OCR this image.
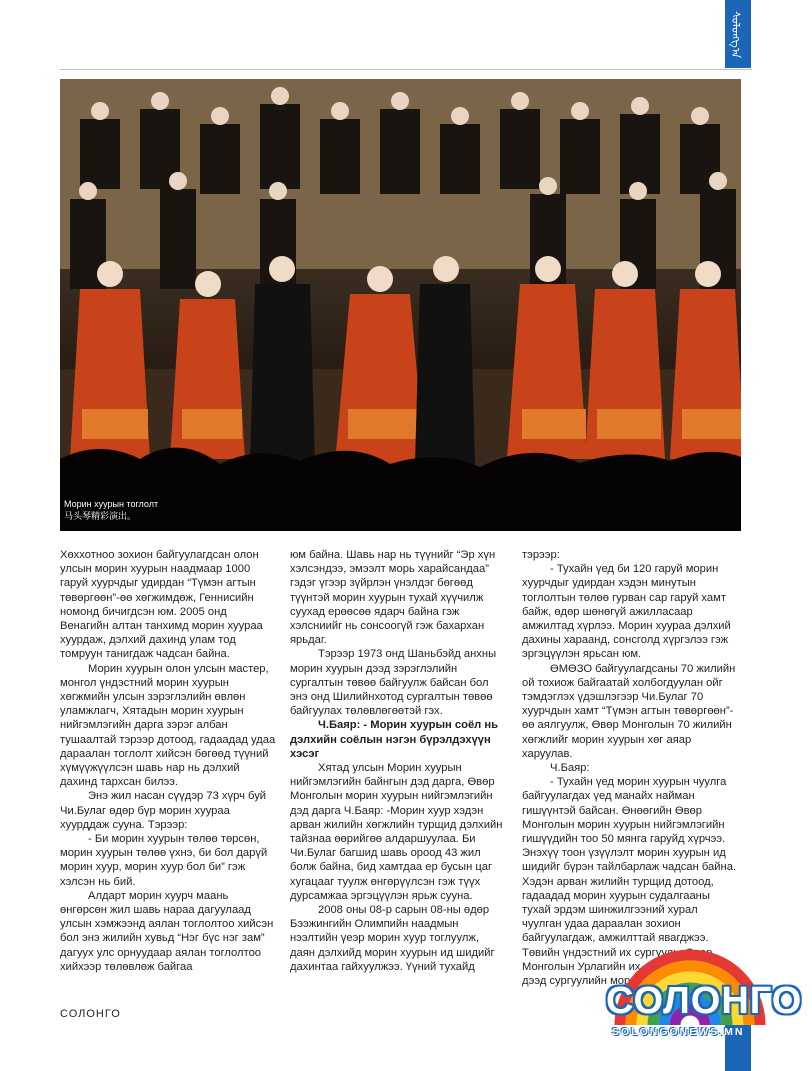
ᠰᠣᠯᠣᠩᠭ᠎ᠠ
Морин хуурын тоглолт
马头琴精彩演出。

Хөххотноо зохион байгуулагдсан олон улсын морин хуурын наадмаар 1000 гаруй хуурчдыг удирдан “Түмэн агтын төвөргөөн”-өө хөгжимдөж, Геннисийн номонд бичигдсэн юм. 2005 онд Венагийн алтан танхимд морин хуураа хуурдаж, дэлхий дахинд улам тод томруун танигдаж чадсан байна.

Морин хуурын олон улсын мастер, монгол үндэстний морин хуурын хөгжмийн улсын зэрэглэлийн өвлөн уламжлагч, Хятадын морин хуурын нийгэмлэгийн дарга зэрэг албан тушаалтай тэрээр дотоод, гадаадад удаа дараалан тоглолт хийсэн бөгөөд түүний хүмүүжүүлсэн шавь нар нь дэлхий дахинд тархсан билээ.

Энэ жил насан сүүдэр 73 хүрч буй Чи.Булаг өдөр бүр морин хуураа хуурддаж суунa. Тэрээр:

- Би морин хуурын төлөө төрсөн, морин хуурын төлөө үхнэ, би бол дарүй морин хуур, морин хуур бол би” гэж хэлсэн нь бий.

Алдарт морин хуурч маань өнгөрсөн жил шавь нараа дагуулаад улсын хэмжээнд аялан тоглолтоо хийсэн бол энэ жилийн хувьд “Нэг бүс нэг зам” дагуух улс орнуудаар аялан тоглолтоо хийхээр төлөвлөж байгаа

юм байна. Шавь нар нь түүнийг “Эр хүн хэлсэндээ, эмээлт морь харайсандаа” гэдэг үгээр зүйрлэн үнэлдэг бөгөөд түүнтэй морин хуурын тухай хүүчилж суухад ерөөсөө ядарч байна гэж хэлсниийг нь сонсоогүй гэж бахархан ярьдаг.

Тэрээр 1973 онд Шаньбэйд анхны морин хуурын дээд зэрэглэлийн сургалтын төвөө байгуулж байсан бол энэ онд Шилийнхотод сургалтын төвөө байгуулах төлөвлөгөөтэй гэх.

Ч.Баяр: - Морин хуурын соёл нь дэлхийн соёлын нэгэн бүрэлдэхүүн хэсэг

Хятад улсын Морин хуурын нийгэмлэгийн байнгын дэд дарга, Өвөр Монголын морин хуурын нийгэмлэгийн дэд дарга Ч.Баяр: -Морин хуур хэдэн арван жилийн хөгжлийн турщид дэлхийн тайзнаа өөрийгөө алдаршуулаа. Би Чи.Булаг багшид шавь ороод 43 жил болж байна, бид хамтдаа ер бусын цаг хугацааг туулж өнгөрүүлсэн гэж түүх дурсамжаа эргэцүүлэн ярьж суунa.

2008 оны 08-р сарын 08-ны өдөр Бээжингийн Олимпийн наадмын нээлтийн үеэр морин хуур тоглуулж, даян дэлхийд морин хуурын ид шидийг дахинтаа гайхуулжээ. Үүний тухайд

тэрээр:

- Тухайн үед би 120 гаруй морин хуурчдыг удирдан хэдэн минутын тоглолтын төлөө гурван сар гаруй хамт байж, өдөр шөнөгүй ажилласаар амжилтад хүрлээ. Морин хуураа дэлхий дахины хараанд, сонсголд хүргэлээ гэж эргэцүүлэн ярьсан юм.

ӨМӨЗО байгуулагдсаны 70 жилийн ой тохиож байгаатай холбогдуулан ойг тэмдэглэх үдэшлэгээр Чи.Булаг 70 хуурчдын хамт “Түмэн агтын төвөргөөн”-өө аялгуулж, Өвөр Монголын 70 жилийн хөгжлийг морин хуурын хөг аяар харуулав.

Ч.Баяр:

- Тухайн үед морин хуурын чуулга байгуулагдах үед манайх найман гишүүнтэй байсан. Өнөөгийн Өвөр Монголын морин хуурын нийгэмлэгийн гишүүдийн тоо 50 мянга гаруйд хүрчээ. Энэхүү тоон үзүүлэлт морин хуурын ид шидийг бүрэн тайлбарлаж чадсан байна. Хэдэн арван жилийн турщид дотоод, гадаадад морин хуурын судалгааны тухай эрдэм шинжилгээний хурал чуулган удаа дараалан зохион байгуулагдаж, амжилттай явагджээ. Төвийн үндэстний их сургууль, Өвөр Монголын Урлагийн их сургууль зэрэг их, дээд сургуулийн морин хуурын

СОЛОНГО	СОЛОНГО
SOLONGONEWS.MN
